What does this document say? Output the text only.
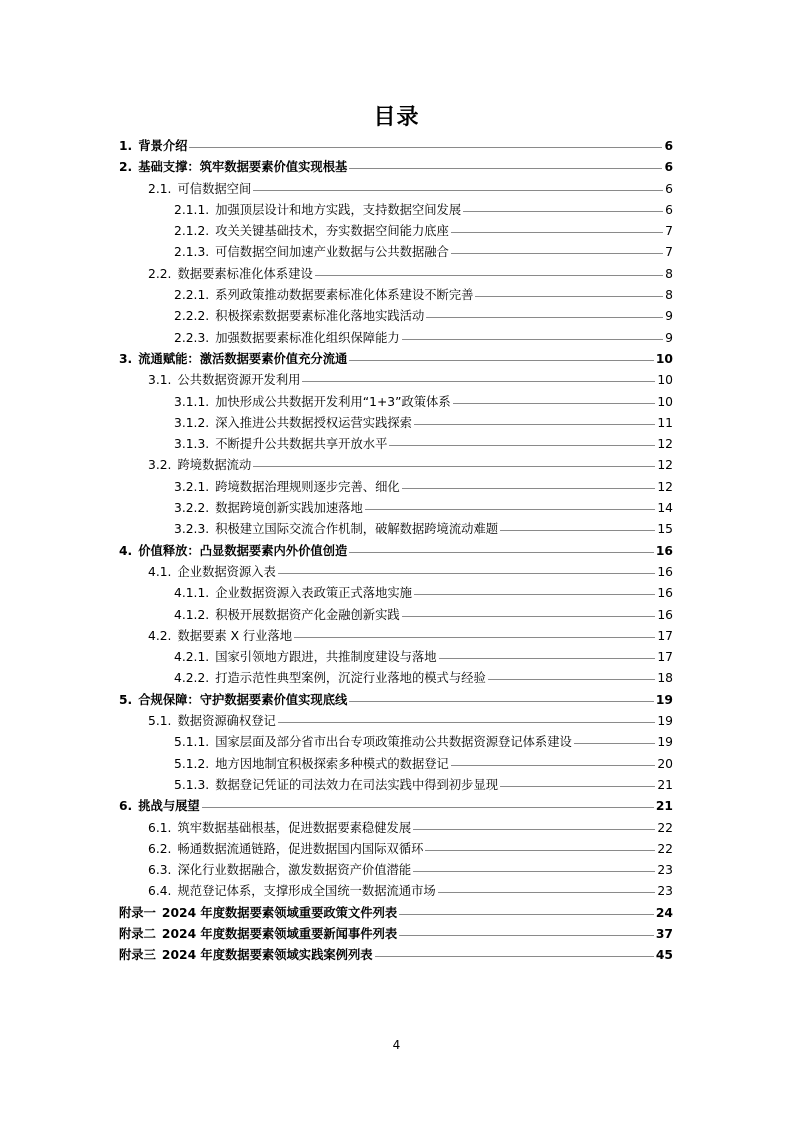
目录
1. 背景介绍	6
2. 基础支撑：筑牢数据要素价值实现根基	6
2.1. 可信数据空间	6
2.1.1. 加强顶层设计和地方实践，支持数据空间发展	6
2.1.2. 攻关关键基础技术，夯实数据空间能力底座	7
2.1.3. 可信数据空间加速产业数据与公共数据融合	7
2.2. 数据要素标准化体系建设	8
2.2.1. 系列政策推动数据要素标准化体系建设不断完善	8
2.2.2. 积极探索数据要素标准化落地实践活动	9
2.2.3. 加强数据要素标准化组织保障能力	9
3. 流通赋能：激活数据要素价值充分流通	10
3.1. 公共数据资源开发利用	10
3.1.1. 加快形成公共数据开发利用“1+3”政策体系	10
3.1.2. 深入推进公共数据授权运营实践探索	11
3.1.3. 不断提升公共数据共享开放水平	12
3.2. 跨境数据流动	12
3.2.1. 跨境数据治理规则逐步完善、细化	12
3.2.2. 数据跨境创新实践加速落地	14
3.2.3. 积极建立国际交流合作机制，破解数据跨境流动难题	15
4. 价值释放：凸显数据要素内外价值创造	16
4.1. 企业数据资源入表	16
4.1.1. 企业数据资源入表政策正式落地实施	16
4.1.2. 积极开展数据资产化金融创新实践	16
4.2. 数据要素 X 行业落地	17
4.2.1. 国家引领地方跟进，共推制度建设与落地	17
4.2.2. 打造示范性典型案例，沉淀行业落地的模式与经验	18
5. 合规保障：守护数据要素价值实现底线	19
5.1. 数据资源确权登记	19
5.1.1. 国家层面及部分省市出台专项政策推动公共数据资源登记体系建设	19
5.1.2. 地方因地制宜积极探索多种模式的数据登记	20
5.1.3. 数据登记凭证的司法效力在司法实践中得到初步显现	21
6. 挑战与展望	21
6.1. 筑牢数据基础根基，促进数据要素稳健发展	22
6.2. 畅通数据流通链路，促进数据国内国际双循环	22
6.3. 深化行业数据融合，激发数据资产价值潜能	23
6.4. 规范登记体系，支撑形成全国统一数据流通市场	23
附录一 2024 年度数据要素领域重要政策文件列表	24
附录二 2024 年度数据要素领域重要新闻事件列表	37
附录三 2024 年度数据要素领域实践案例列表	45
4
